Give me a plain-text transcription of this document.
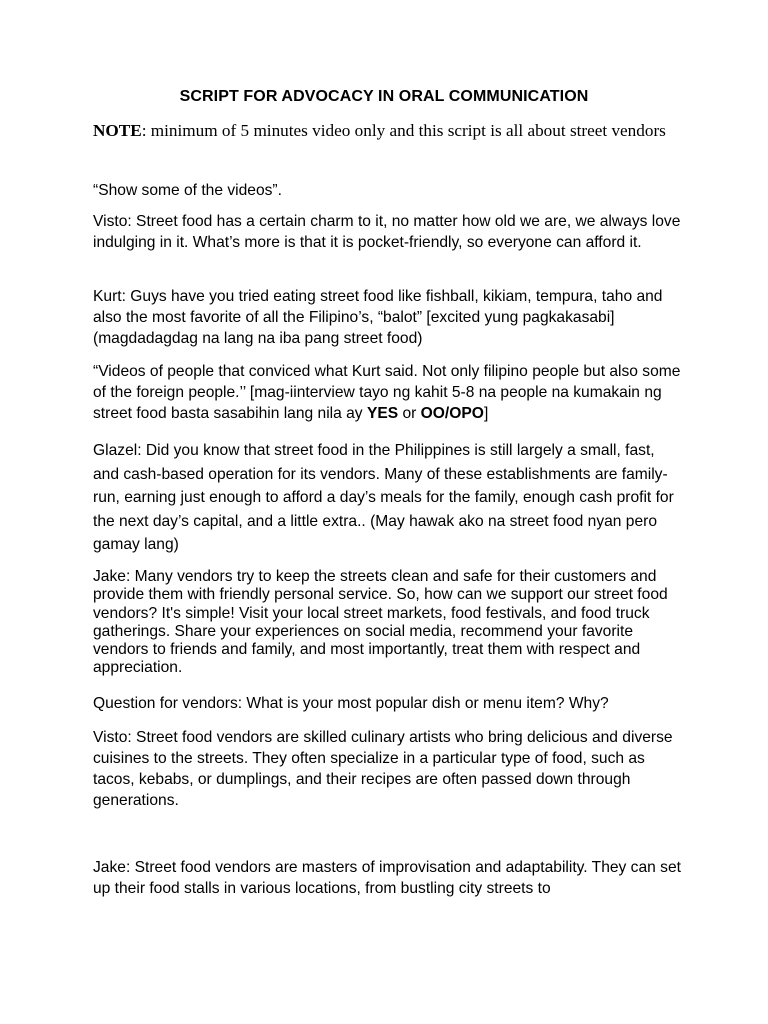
SCRIPT FOR ADVOCACY IN ORAL COMMUNICATION

NOTE: minimum of 5 minutes video only and this script is all about street vendors

“Show some of the videos”.

Visto: Street food has a certain charm to it, no matter how old we are, we always love indulging in it. What’s more is that it is pocket-friendly, so everyone can afford it.

Kurt: Guys have you tried eating street food like fishball, kikiam, tempura, taho and also the most favorite of all the Filipino’s, “balot” [excited yung pagkakasabi](magdadagdag na lang na iba pang street food)

“Videos of people that conviced what Kurt said. Not only filipino people but also some of the foreign people.’’ [mag-iinterview tayo ng kahit 5-8 na people na kumakain ng street food basta sasabihin lang nila ay YES or OO/OPO]

Glazel: Did you know that street food in the Philippines is still largely a small, fast, and cash-based operation for its vendors. Many of these establishments are family-run, earning just enough to afford a day’s meals for the family, enough cash profit for the next day’s capital, and a little extra.. (May hawak ako na street food nyan pero gamay lang)

Jake: Many vendors try to keep the streets clean and safe for their customers and provide them with friendly personal service. So, how can we support our street food vendors? It's simple! Visit your local street markets, food festivals, and food truck gatherings. Share your experiences on social media, recommend your favorite vendors to friends and family, and most importantly, treat them with respect and appreciation.

Question for vendors: What is your most popular dish or menu item? Why?

Visto: Street food vendors are skilled culinary artists who bring delicious and diverse cuisines to the streets. They often specialize in a particular type of food, such as tacos, kebabs, or dumplings, and their recipes are often passed down through generations.

Jake: Street food vendors are masters of improvisation and adaptability. They can set up their food stalls in various locations, from bustling city streets to
